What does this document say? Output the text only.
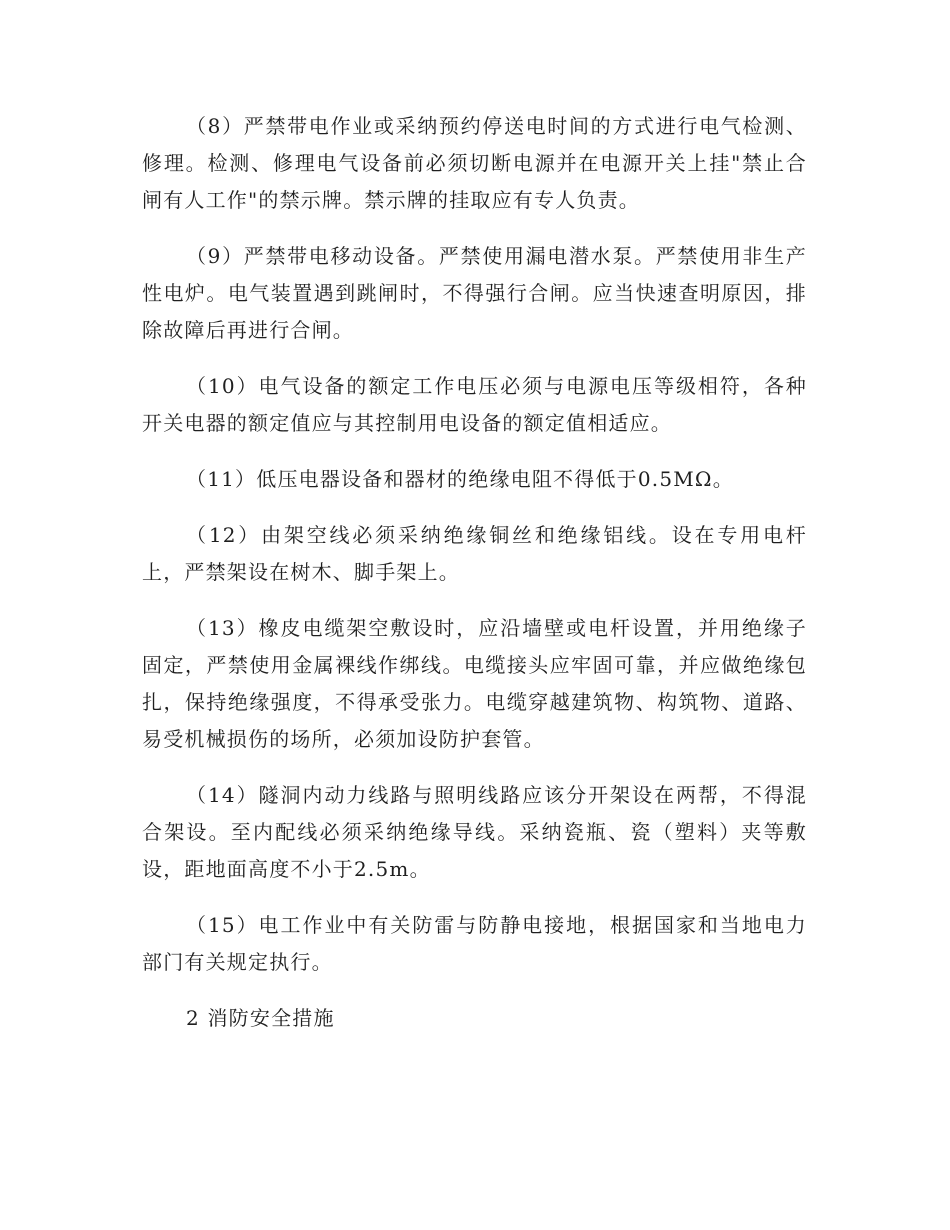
（8）严禁带电作业或采纳预约停送电时间的方式进行电气检测、修理。检测、修理电气设备前必须切断电源并在电源开关上挂"禁止合闸有人工作"的禁示牌。禁示牌的挂取应有专人负责。

（9）严禁带电移动设备。严禁使用漏电潜水泵。严禁使用非生产性电炉。电气装置遇到跳闸时，不得强行合闸。应当快速查明原因，排除故障后再进行合闸。

（10）电气设备的额定工作电压必须与电源电压等级相符，各种开关电器的额定值应与其控制用电设备的额定值相适应。

（11）低压电器设备和器材的绝缘电阻不得低于0.5MΩ。

（12）由架空线必须采纳绝缘铜丝和绝缘铝线。设在专用电杆上，严禁架设在树木、脚手架上。

（13）橡皮电缆架空敷设时，应沿墙壁或电杆设置，并用绝缘子固定，严禁使用金属裸线作绑线。电缆接头应牢固可靠，并应做绝缘包扎，保持绝缘强度，不得承受张力。电缆穿越建筑物、构筑物、道路、易受机械损伤的场所，必须加设防护套管。

（14）隧洞内动力线路与照明线路应该分开架设在两帮，不得混合架设。至内配线必须采纳绝缘导线。采纳瓷瓶、瓷（塑料）夹等敷设，距地面高度不小于2.5m。

（15）电工作业中有关防雷与防静电接地，根据国家和当地电力部门有关规定执行。

2 消防安全措施
